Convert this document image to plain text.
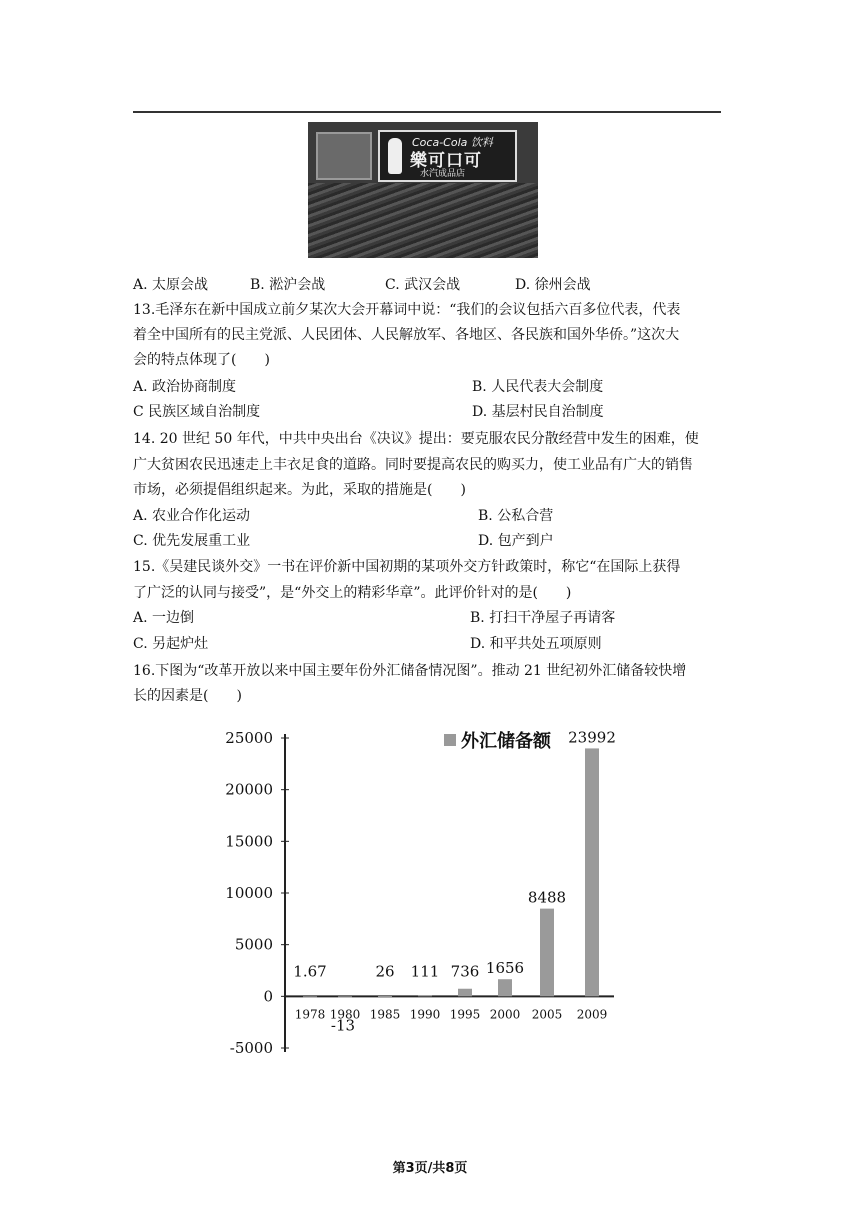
Coca-Cola 饮料
樂可口可
水汽成品店
A. 太原会战	B. 淞沪会战	C. 武汉会战	D. 徐州会战
13.毛泽东在新中国成立前夕某次大会开幕词中说：“我们的会议包括六百多位代表，代表
着全中国所有的民主党派、人民团体、人民解放军、各地区、各民族和国外华侨。”这次大
会的特点体现了(　　)
A. 政治协商制度	B. 人民代表大会制度
C 民族区域自治制度	D. 基层村民自治制度
14. 20 世纪 50 年代，中共中央出台《决议》提出：要克服农民分散经营中发生的困难，使
广大贫困农民迅速走上丰衣足食的道路。同时要提高农民的购买力，使工业品有广大的销售
市场，必须提倡组织起来。为此，采取的措施是(　　)
A. 农业合作化运动	B. 公私合营
C. 优先发展重工业	D. 包产到户
15.《吴建民谈外交》一书在评价新中国初期的某项外交方针政策时，称它“在国际上获得
了广泛的认同与接受”，是“外交上的精彩华章”。此评价针对的是(　　)
A. 一边倒	B. 打扫干净屋子再请客
C. 另起炉灶	D. 和平共处五项原则
16.下图为“改革开放以来中国主要年份外汇储备情况图”。推动 21 世纪初外汇储备较快增
长的因素是(　　)
外汇储备额
25000
20000
15000
10000
5000
0
-5000
1.67
-13
26 111 736 1656
8488
23992
1978 1980 1985 1990 1995 2000 2005 2009
第3页/共8页
